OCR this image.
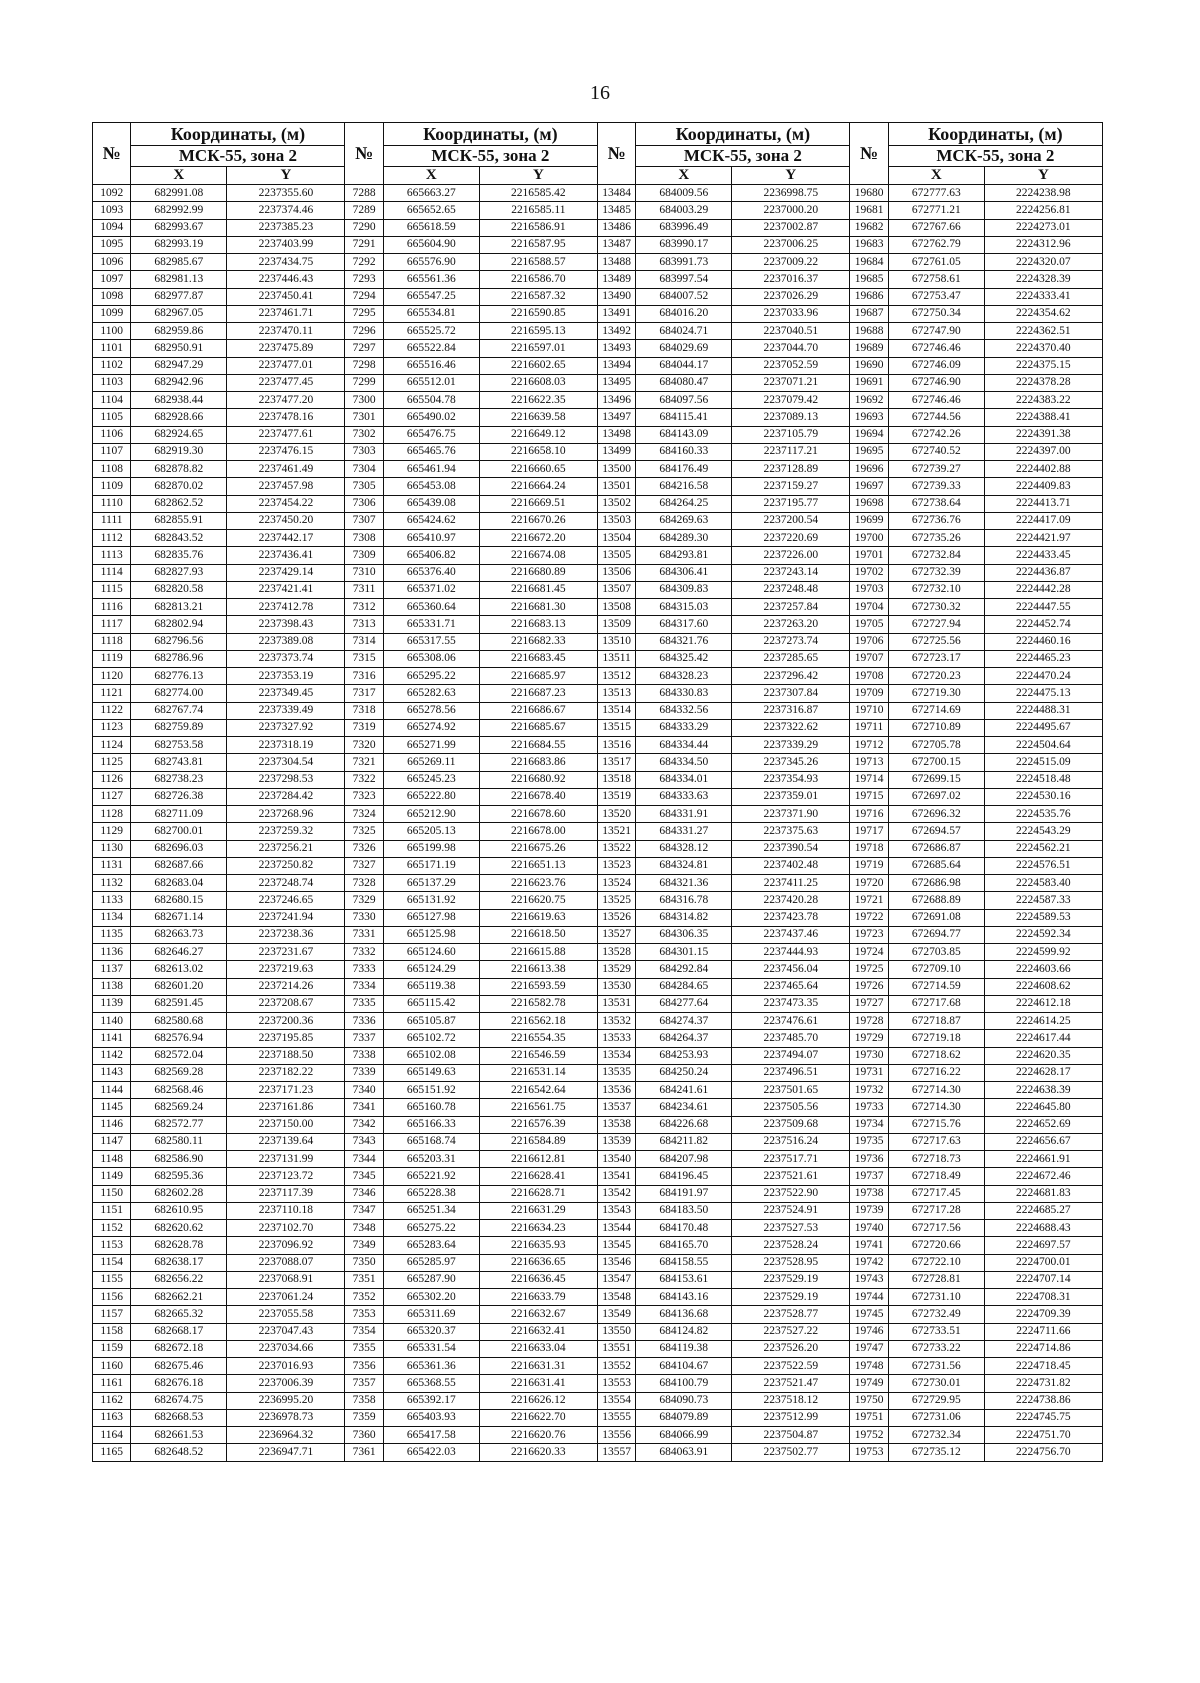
16
№	Координаты, (м)		№	Координаты, (м)		№	Координаты, (м)		№	Координаты, (м)	
	МСК-55, зона 2			МСК-55, зона 2			МСК-55, зона 2			МСК-55, зона 2	
	X	Y		X	Y		X	Y		X	Y
1092	682991.08	2237355.60	7288	665663.27	2216585.42	13484	684009.56	2236998.75	19680	672777.63	2224238.98
1093	682992.99	2237374.46	7289	665652.65	2216585.11	13485	684003.29	2237000.20	19681	672771.21	2224256.81
1094	682993.67	2237385.23	7290	665618.59	2216586.91	13486	683996.49	2237002.87	19682	672767.66	2224273.01
1095	682993.19	2237403.99	7291	665604.90	2216587.95	13487	683990.17	2237006.25	19683	672762.79	2224312.96
1096	682985.67	2237434.75	7292	665576.90	2216588.57	13488	683991.73	2237009.22	19684	672761.05	2224320.07
1097	682981.13	2237446.43	7293	665561.36	2216586.70	13489	683997.54	2237016.37	19685	672758.61	2224328.39
1098	682977.87	2237450.41	7294	665547.25	2216587.32	13490	684007.52	2237026.29	19686	672753.47	2224333.41
1099	682967.05	2237461.71	7295	665534.81	2216590.85	13491	684016.20	2237033.96	19687	672750.34	2224354.62
1100	682959.86	2237470.11	7296	665525.72	2216595.13	13492	684024.71	2237040.51	19688	672747.90	2224362.51
1101	682950.91	2237475.89	7297	665522.84	2216597.01	13493	684029.69	2237044.70	19689	672746.46	2224370.40
1102	682947.29	2237477.01	7298	665516.46	2216602.65	13494	684044.17	2237052.59	19690	672746.09	2224375.15
1103	682942.96	2237477.45	7299	665512.01	2216608.03	13495	684080.47	2237071.21	19691	672746.90	2224378.28
1104	682938.44	2237477.20	7300	665504.78	2216622.35	13496	684097.56	2237079.42	19692	672746.46	2224383.22
1105	682928.66	2237478.16	7301	665490.02	2216639.58	13497	684115.41	2237089.13	19693	672744.56	2224388.41
1106	682924.65	2237477.61	7302	665476.75	2216649.12	13498	684143.09	2237105.79	19694	672742.26	2224391.38
1107	682919.30	2237476.15	7303	665465.76	2216658.10	13499	684160.33	2237117.21	19695	672740.52	2224397.00
1108	682878.82	2237461.49	7304	665461.94	2216660.65	13500	684176.49	2237128.89	19696	672739.27	2224402.88
1109	682870.02	2237457.98	7305	665453.08	2216664.24	13501	684216.58	2237159.27	19697	672739.33	2224409.83
1110	682862.52	2237454.22	7306	665439.08	2216669.51	13502	684264.25	2237195.77	19698	672738.64	2224413.71
1111	682855.91	2237450.20	7307	665424.62	2216670.26	13503	684269.63	2237200.54	19699	672736.76	2224417.09
1112	682843.52	2237442.17	7308	665410.97	2216672.20	13504	684289.30	2237220.69	19700	672735.26	2224421.97
1113	682835.76	2237436.41	7309	665406.82	2216674.08	13505	684293.81	2237226.00	19701	672732.84	2224433.45
1114	682827.93	2237429.14	7310	665376.40	2216680.89	13506	684306.41	2237243.14	19702	672732.39	2224436.87
1115	682820.58	2237421.41	7311	665371.02	2216681.45	13507	684309.83	2237248.48	19703	672732.10	2224442.28
1116	682813.21	2237412.78	7312	665360.64	2216681.30	13508	684315.03	2237257.84	19704	672730.32	2224447.55
1117	682802.94	2237398.43	7313	665331.71	2216683.13	13509	684317.60	2237263.20	19705	672727.94	2224452.74
1118	682796.56	2237389.08	7314	665317.55	2216682.33	13510	684321.76	2237273.74	19706	672725.56	2224460.16
1119	682786.96	2237373.74	7315	665308.06	2216683.45	13511	684325.42	2237285.65	19707	672723.17	2224465.23
1120	682776.13	2237353.19	7316	665295.22	2216685.97	13512	684328.23	2237296.42	19708	672720.23	2224470.24
1121	682774.00	2237349.45	7317	665282.63	2216687.23	13513	684330.83	2237307.84	19709	672719.30	2224475.13
1122	682767.74	2237339.49	7318	665278.56	2216686.67	13514	684332.56	2237316.87	19710	672714.69	2224488.31
1123	682759.89	2237327.92	7319	665274.92	2216685.67	13515	684333.29	2237322.62	19711	672710.89	2224495.67
1124	682753.58	2237318.19	7320	665271.99	2216684.55	13516	684334.44	2237339.29	19712	672705.78	2224504.64
1125	682743.81	2237304.54	7321	665269.11	2216683.86	13517	684334.50	2237345.26	19713	672700.15	2224515.09
1126	682738.23	2237298.53	7322	665245.23	2216680.92	13518	684334.01	2237354.93	19714	672699.15	2224518.48
1127	682726.38	2237284.42	7323	665222.80	2216678.40	13519	684333.63	2237359.01	19715	672697.02	2224530.16
1128	682711.09	2237268.96	7324	665212.90	2216678.60	13520	684331.91	2237371.90	19716	672696.32	2224535.76
1129	682700.01	2237259.32	7325	665205.13	2216678.00	13521	684331.27	2237375.63	19717	672694.57	2224543.29
1130	682696.03	2237256.21	7326	665199.98	2216675.26	13522	684328.12	2237390.54	19718	672686.87	2224562.21
1131	682687.66	2237250.82	7327	665171.19	2216651.13	13523	684324.81	2237402.48	19719	672685.64	2224576.51
1132	682683.04	2237248.74	7328	665137.29	2216623.76	13524	684321.36	2237411.25	19720	672686.98	2224583.40
1133	682680.15	2237246.65	7329	665131.92	2216620.75	13525	684316.78	2237420.28	19721	672688.89	2224587.33
1134	682671.14	2237241.94	7330	665127.98	2216619.63	13526	684314.82	2237423.78	19722	672691.08	2224589.53
1135	682663.73	2237238.36	7331	665125.98	2216618.50	13527	684306.35	2237437.46	19723	672694.77	2224592.34
1136	682646.27	2237231.67	7332	665124.60	2216615.88	13528	684301.15	2237444.93	19724	672703.85	2224599.92
1137	682613.02	2237219.63	7333	665124.29	2216613.38	13529	684292.84	2237456.04	19725	672709.10	2224603.66
1138	682601.20	2237214.26	7334	665119.38	2216593.59	13530	684284.65	2237465.64	19726	672714.59	2224608.62
1139	682591.45	2237208.67	7335	665115.42	2216582.78	13531	684277.64	2237473.35	19727	672717.68	2224612.18
1140	682580.68	2237200.36	7336	665105.87	2216562.18	13532	684274.37	2237476.61	19728	672718.87	2224614.25
1141	682576.94	2237195.85	7337	665102.72	2216554.35	13533	684264.37	2237485.70	19729	672719.18	2224617.44
1142	682572.04	2237188.50	7338	665102.08	2216546.59	13534	684253.93	2237494.07	19730	672718.62	2224620.35
1143	682569.28	2237182.22	7339	665149.63	2216531.14	13535	684250.24	2237496.51	19731	672716.22	2224628.17
1144	682568.46	2237171.23	7340	665151.92	2216542.64	13536	684241.61	2237501.65	19732	672714.30	2224638.39
1145	682569.24	2237161.86	7341	665160.78	2216561.75	13537	684234.61	2237505.56	19733	672714.30	2224645.80
1146	682572.77	2237150.00	7342	665166.33	2216576.39	13538	684226.68	2237509.68	19734	672715.76	2224652.69
1147	682580.11	2237139.64	7343	665168.74	2216584.89	13539	684211.82	2237516.24	19735	672717.63	2224656.67
1148	682586.90	2237131.99	7344	665203.31	2216612.81	13540	684207.98	2237517.71	19736	672718.73	2224661.91
1149	682595.36	2237123.72	7345	665221.92	2216628.41	13541	684196.45	2237521.61	19737	672718.49	2224672.46
1150	682602.28	2237117.39	7346	665228.38	2216628.71	13542	684191.97	2237522.90	19738	672717.45	2224681.83
1151	682610.95	2237110.18	7347	665251.34	2216631.29	13543	684183.50	2237524.91	19739	672717.28	2224685.27
1152	682620.62	2237102.70	7348	665275.22	2216634.23	13544	684170.48	2237527.53	19740	672717.56	2224688.43
1153	682628.78	2237096.92	7349	665283.64	2216635.93	13545	684165.70	2237528.24	19741	672720.66	2224697.57
1154	682638.17	2237088.07	7350	665285.97	2216636.65	13546	684158.55	2237528.95	19742	672722.10	2224700.01
1155	682656.22	2237068.91	7351	665287.90	2216636.45	13547	684153.61	2237529.19	19743	672728.81	2224707.14
1156	682662.21	2237061.24	7352	665302.20	2216633.79	13548	684143.16	2237529.19	19744	672731.10	2224708.31
1157	682665.32	2237055.58	7353	665311.69	2216632.67	13549	684136.68	2237528.77	19745	672732.49	2224709.39
1158	682668.17	2237047.43	7354	665320.37	2216632.41	13550	684124.82	2237527.22	19746	672733.51	2224711.66
1159	682672.18	2237034.66	7355	665331.54	2216633.04	13551	684119.38	2237526.20	19747	672733.22	2224714.86
1160	682675.46	2237016.93	7356	665361.36	2216631.31	13552	684104.67	2237522.59	19748	672731.56	2224718.45
1161	682676.18	2237006.39	7357	665368.55	2216631.41	13553	684100.79	2237521.47	19749	672730.01	2224731.82
1162	682674.75	2236995.20	7358	665392.17	2216626.12	13554	684090.73	2237518.12	19750	672729.95	2224738.86
1163	682668.53	2236978.73	7359	665403.93	2216622.70	13555	684079.89	2237512.99	19751	672731.06	2224745.75
1164	682661.53	2236964.32	7360	665417.58	2216620.76	13556	684066.99	2237504.87	19752	672732.34	2224751.70
1165	682648.52	2236947.71	7361	665422.03	2216620.33	13557	684063.91	2237502.77	19753	672735.12	2224756.70
